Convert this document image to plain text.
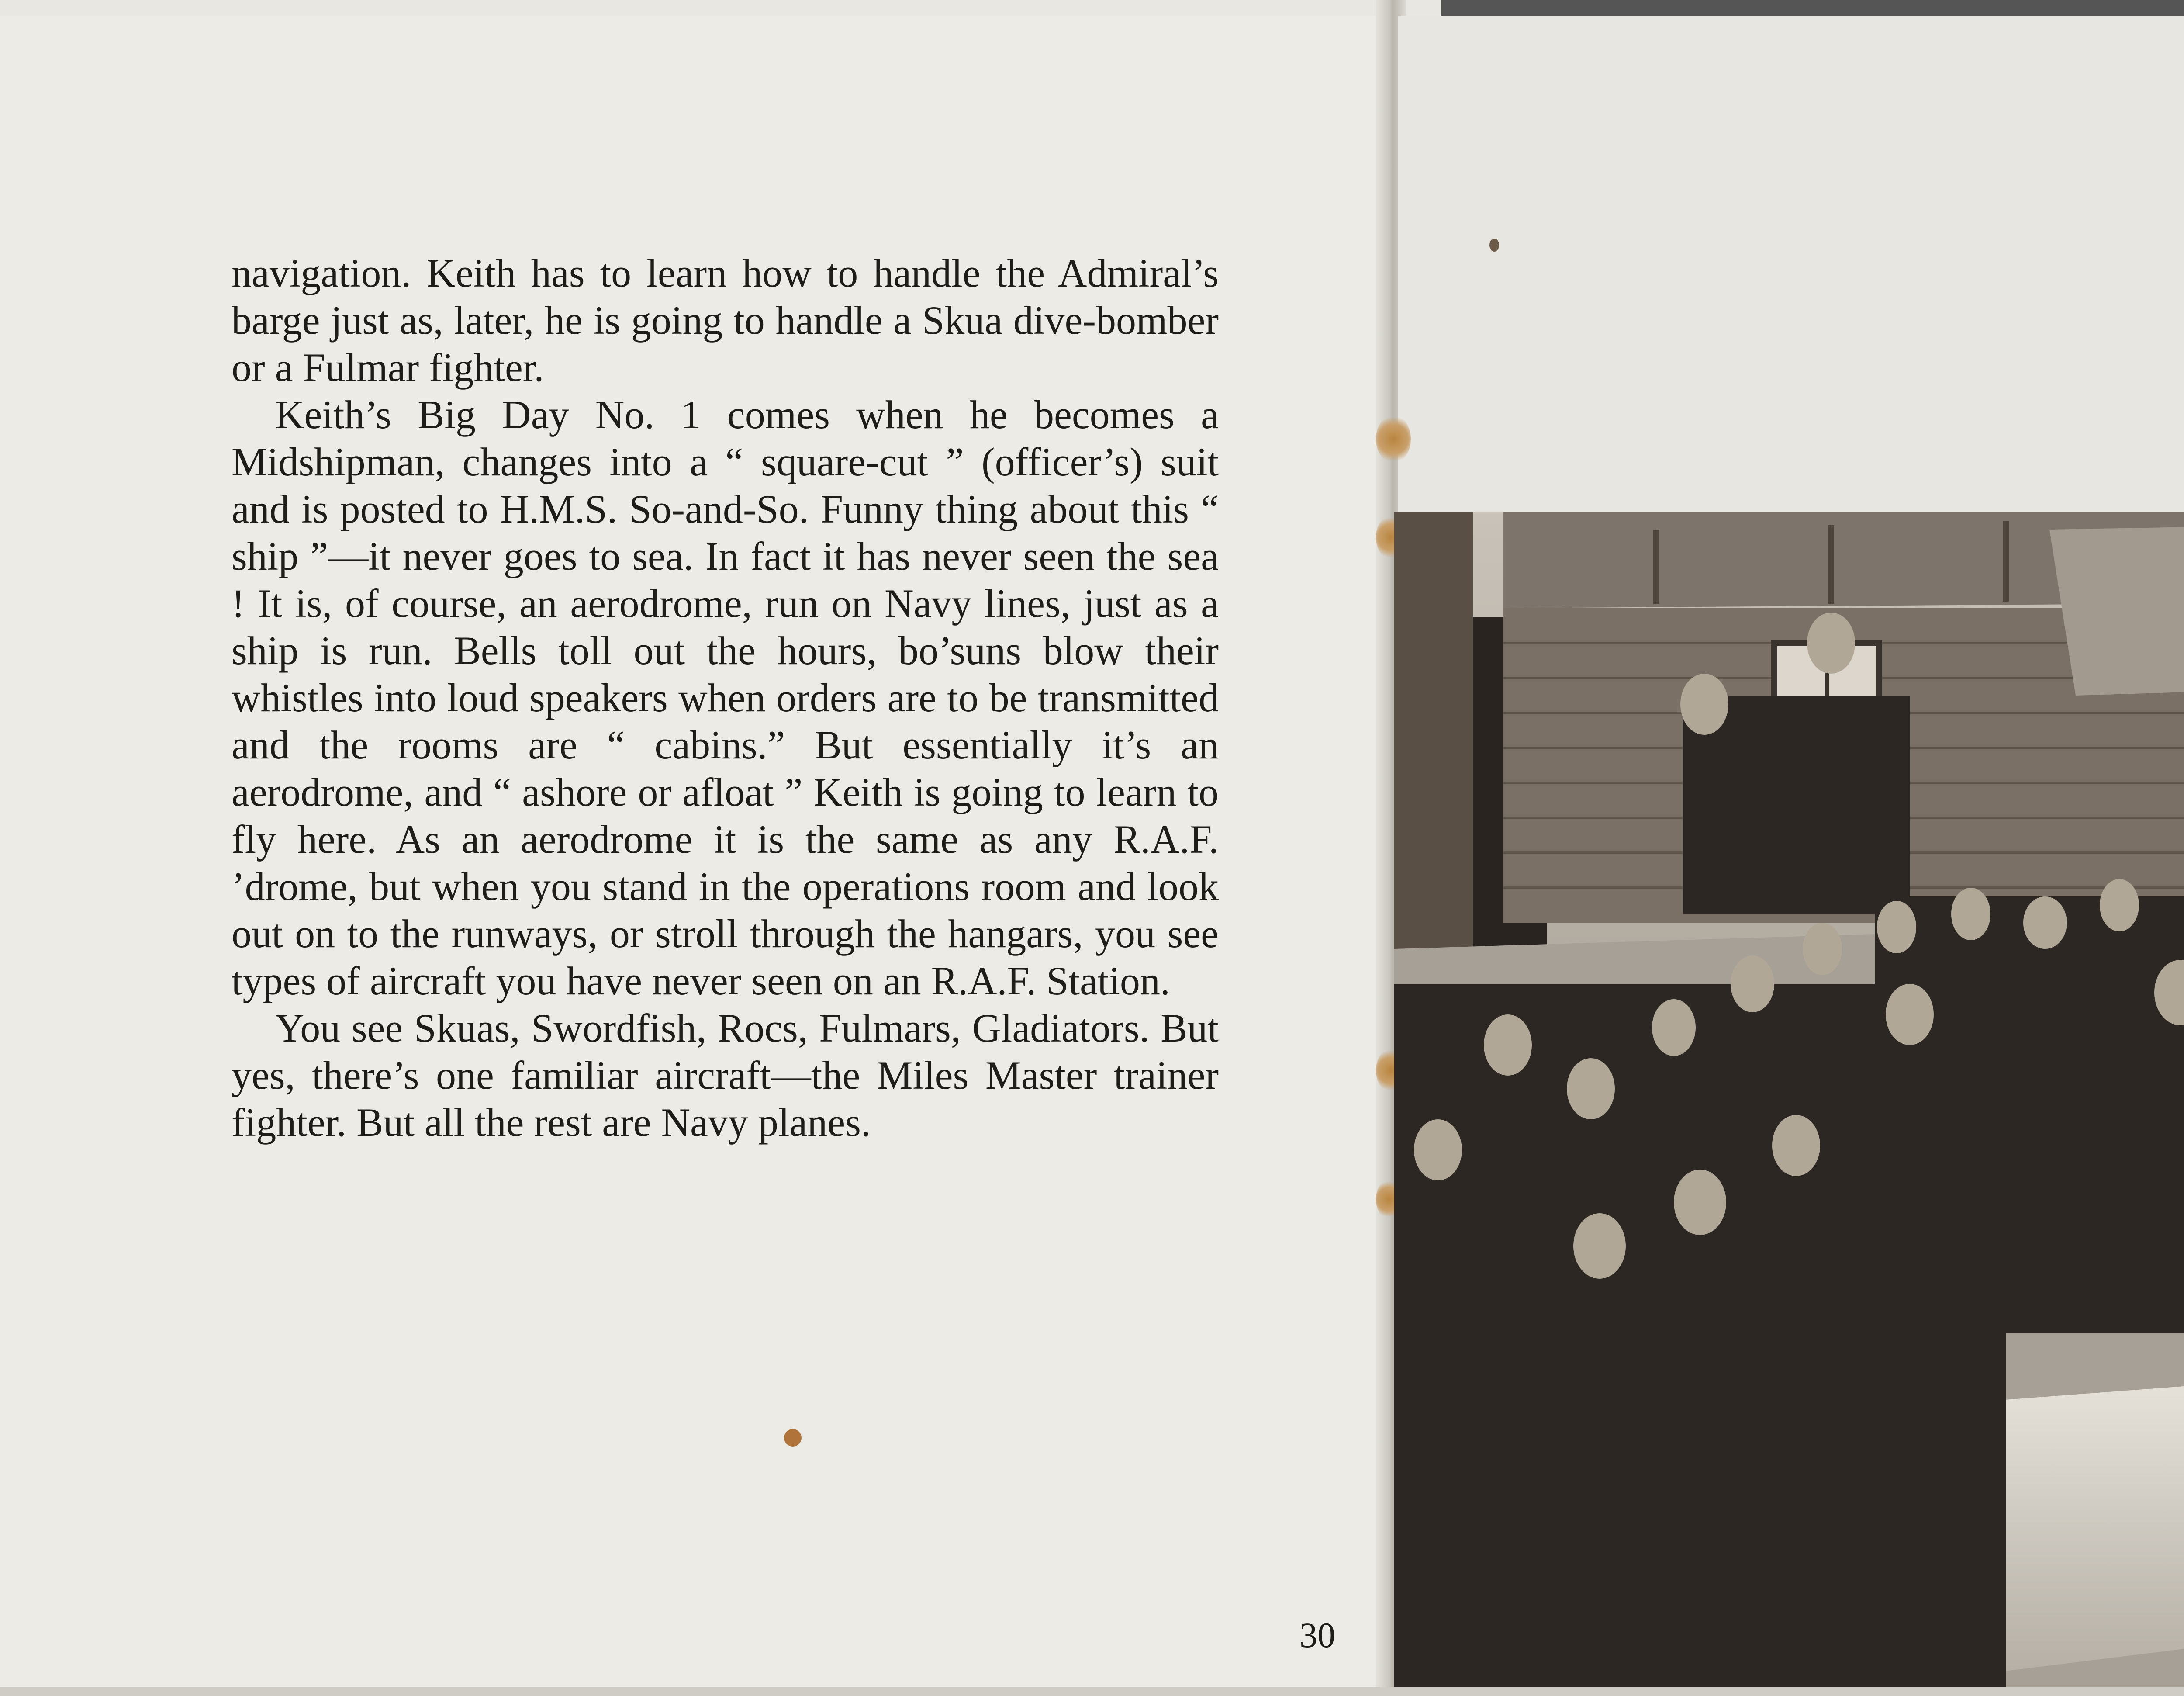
navigation. Keith has to learn how to handle the Admiral’s barge just as, later, he is going to handle a Skua dive-bomber or a Fulmar fighter.

Keith’s Big Day No. 1 comes when he becomes a Midshipman, changes into a “ square-cut ” (officer’s) suit and is posted to H.M.S. So-and-So. Funny thing about this “ ship ”—it never goes to sea. In fact it has never seen the sea ! It is, of course, an aerodrome, run on Navy lines, just as a ship is run. Bells toll out the hours, bo’suns blow their whistles into loud speakers when orders are to be transmitted and the rooms are “ cabins.” But essentially it’s an aerodrome, and “ ashore or afloat ” Keith is going to learn to fly here. As an aerodrome it is the same as any R.A.F. ’drome, but when you stand in the operations room and look out on to the runways, or stroll through the hangars, you see types of aircraft you have never seen on an R.A.F. Station.

You see Skuas, Swordfish, Rocs, Fulmars, Gladiators. But yes, there’s one familiar aircraft—the Miles Master trainer fighter. But all the rest are Navy planes.

30
